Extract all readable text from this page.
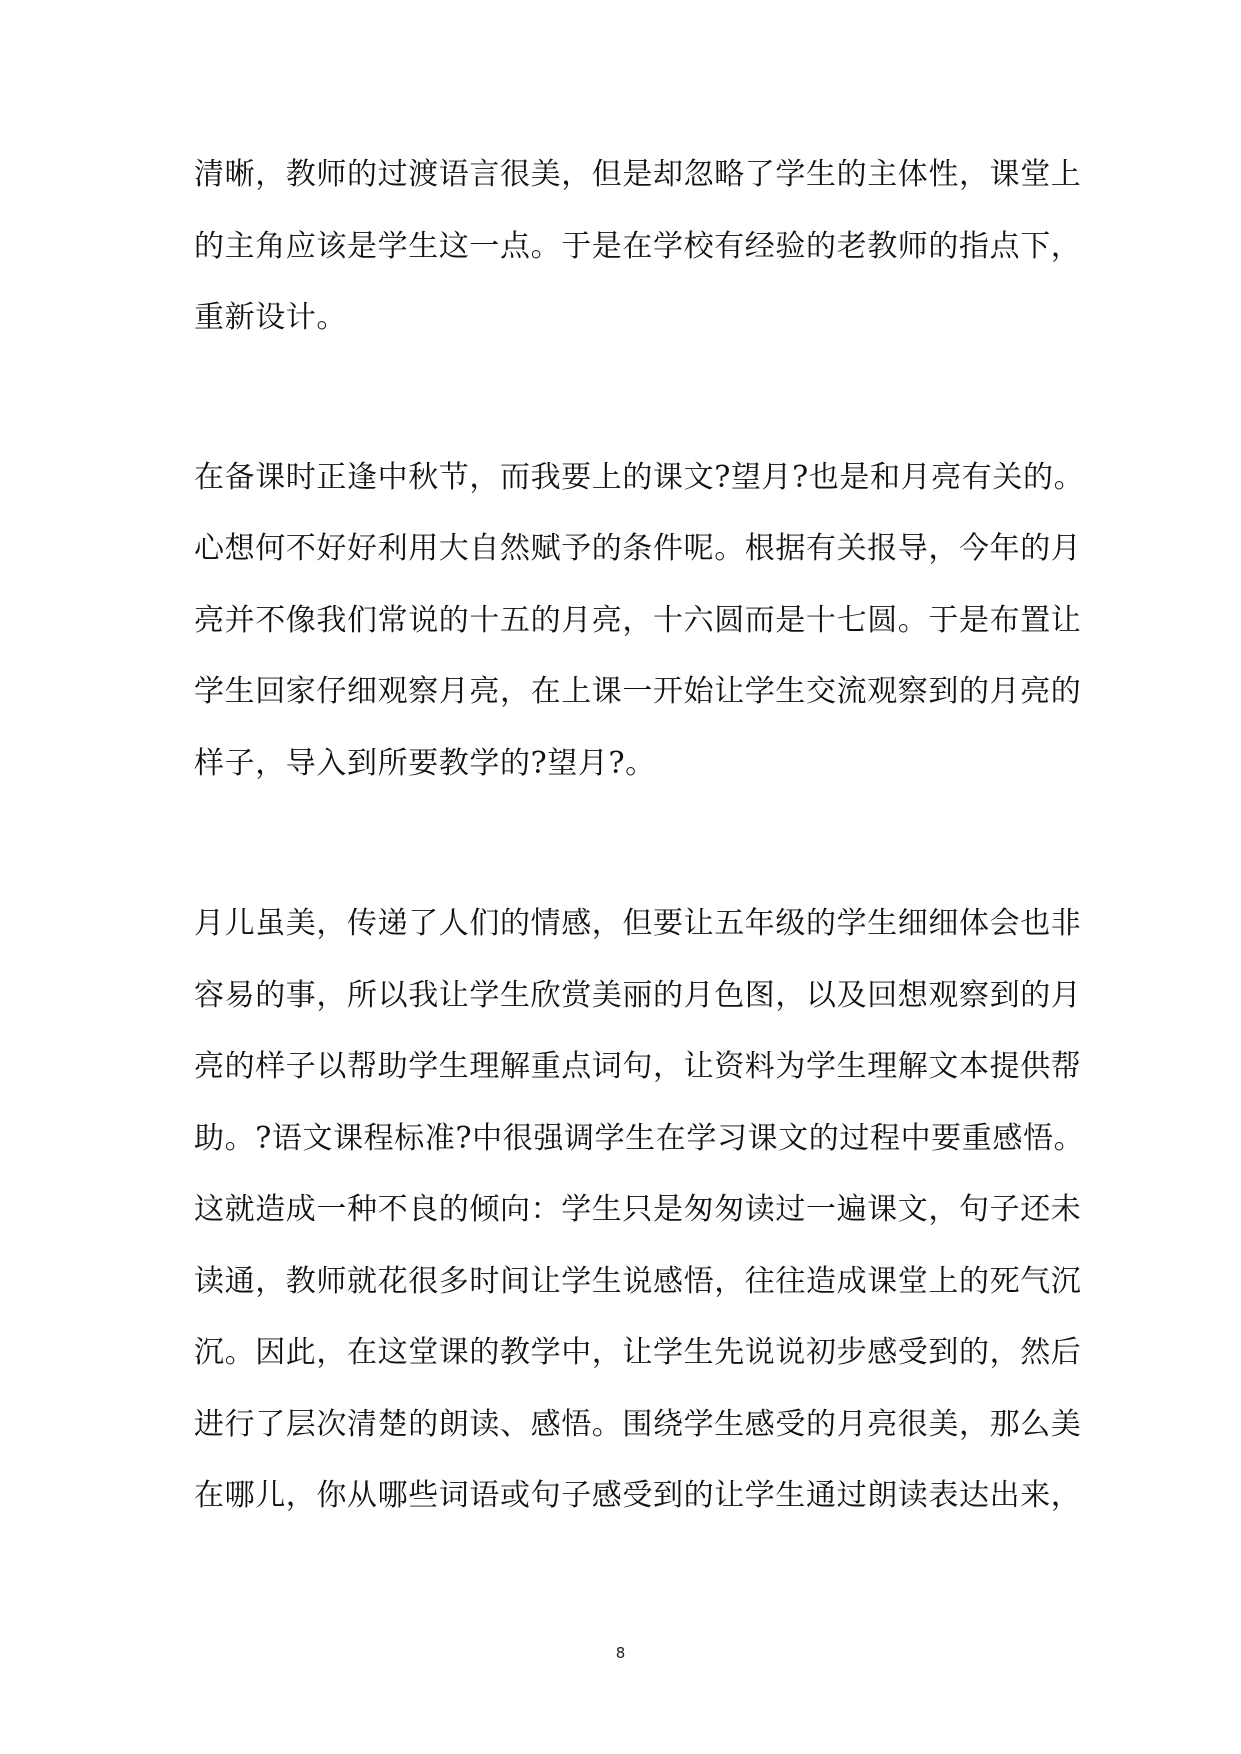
清晰，教师的过渡语言很美，但是却忽略了学生的主体性，课堂上
的主角应该是学生这一点。于是在学校有经验的老教师的指点下，
重新设计。
在备课时正逢中秋节，而我要上的课文?望月?也是和月亮有关的。
心想何不好好利用大自然赋予的条件呢。根据有关报导，今年的月
亮并不像我们常说的十五的月亮，十六圆而是十七圆。于是布置让
学生回家仔细观察月亮，在上课一开始让学生交流观察到的月亮的
样子，导入到所要教学的?望月?。
月儿虽美，传递了人们的情感，但要让五年级的学生细细体会也非
容易的事，所以我让学生欣赏美丽的月色图，以及回想观察到的月
亮的样子以帮助学生理解重点词句，让资料为学生理解文本提供帮
助。?语文课程标准?中很强调学生在学习课文的过程中要重感悟。
这就造成一种不良的倾向：学生只是匆匆读过一遍课文，句子还未
读通，教师就花很多时间让学生说感悟，往往造成课堂上的死气沉
沉。因此，在这堂课的教学中，让学生先说说初步感受到的，然后
进行了层次清楚的朗读、感悟。围绕学生感受的月亮很美，那么美
在哪儿，你从哪些词语或句子感受到的让学生通过朗读表达出来，
8
